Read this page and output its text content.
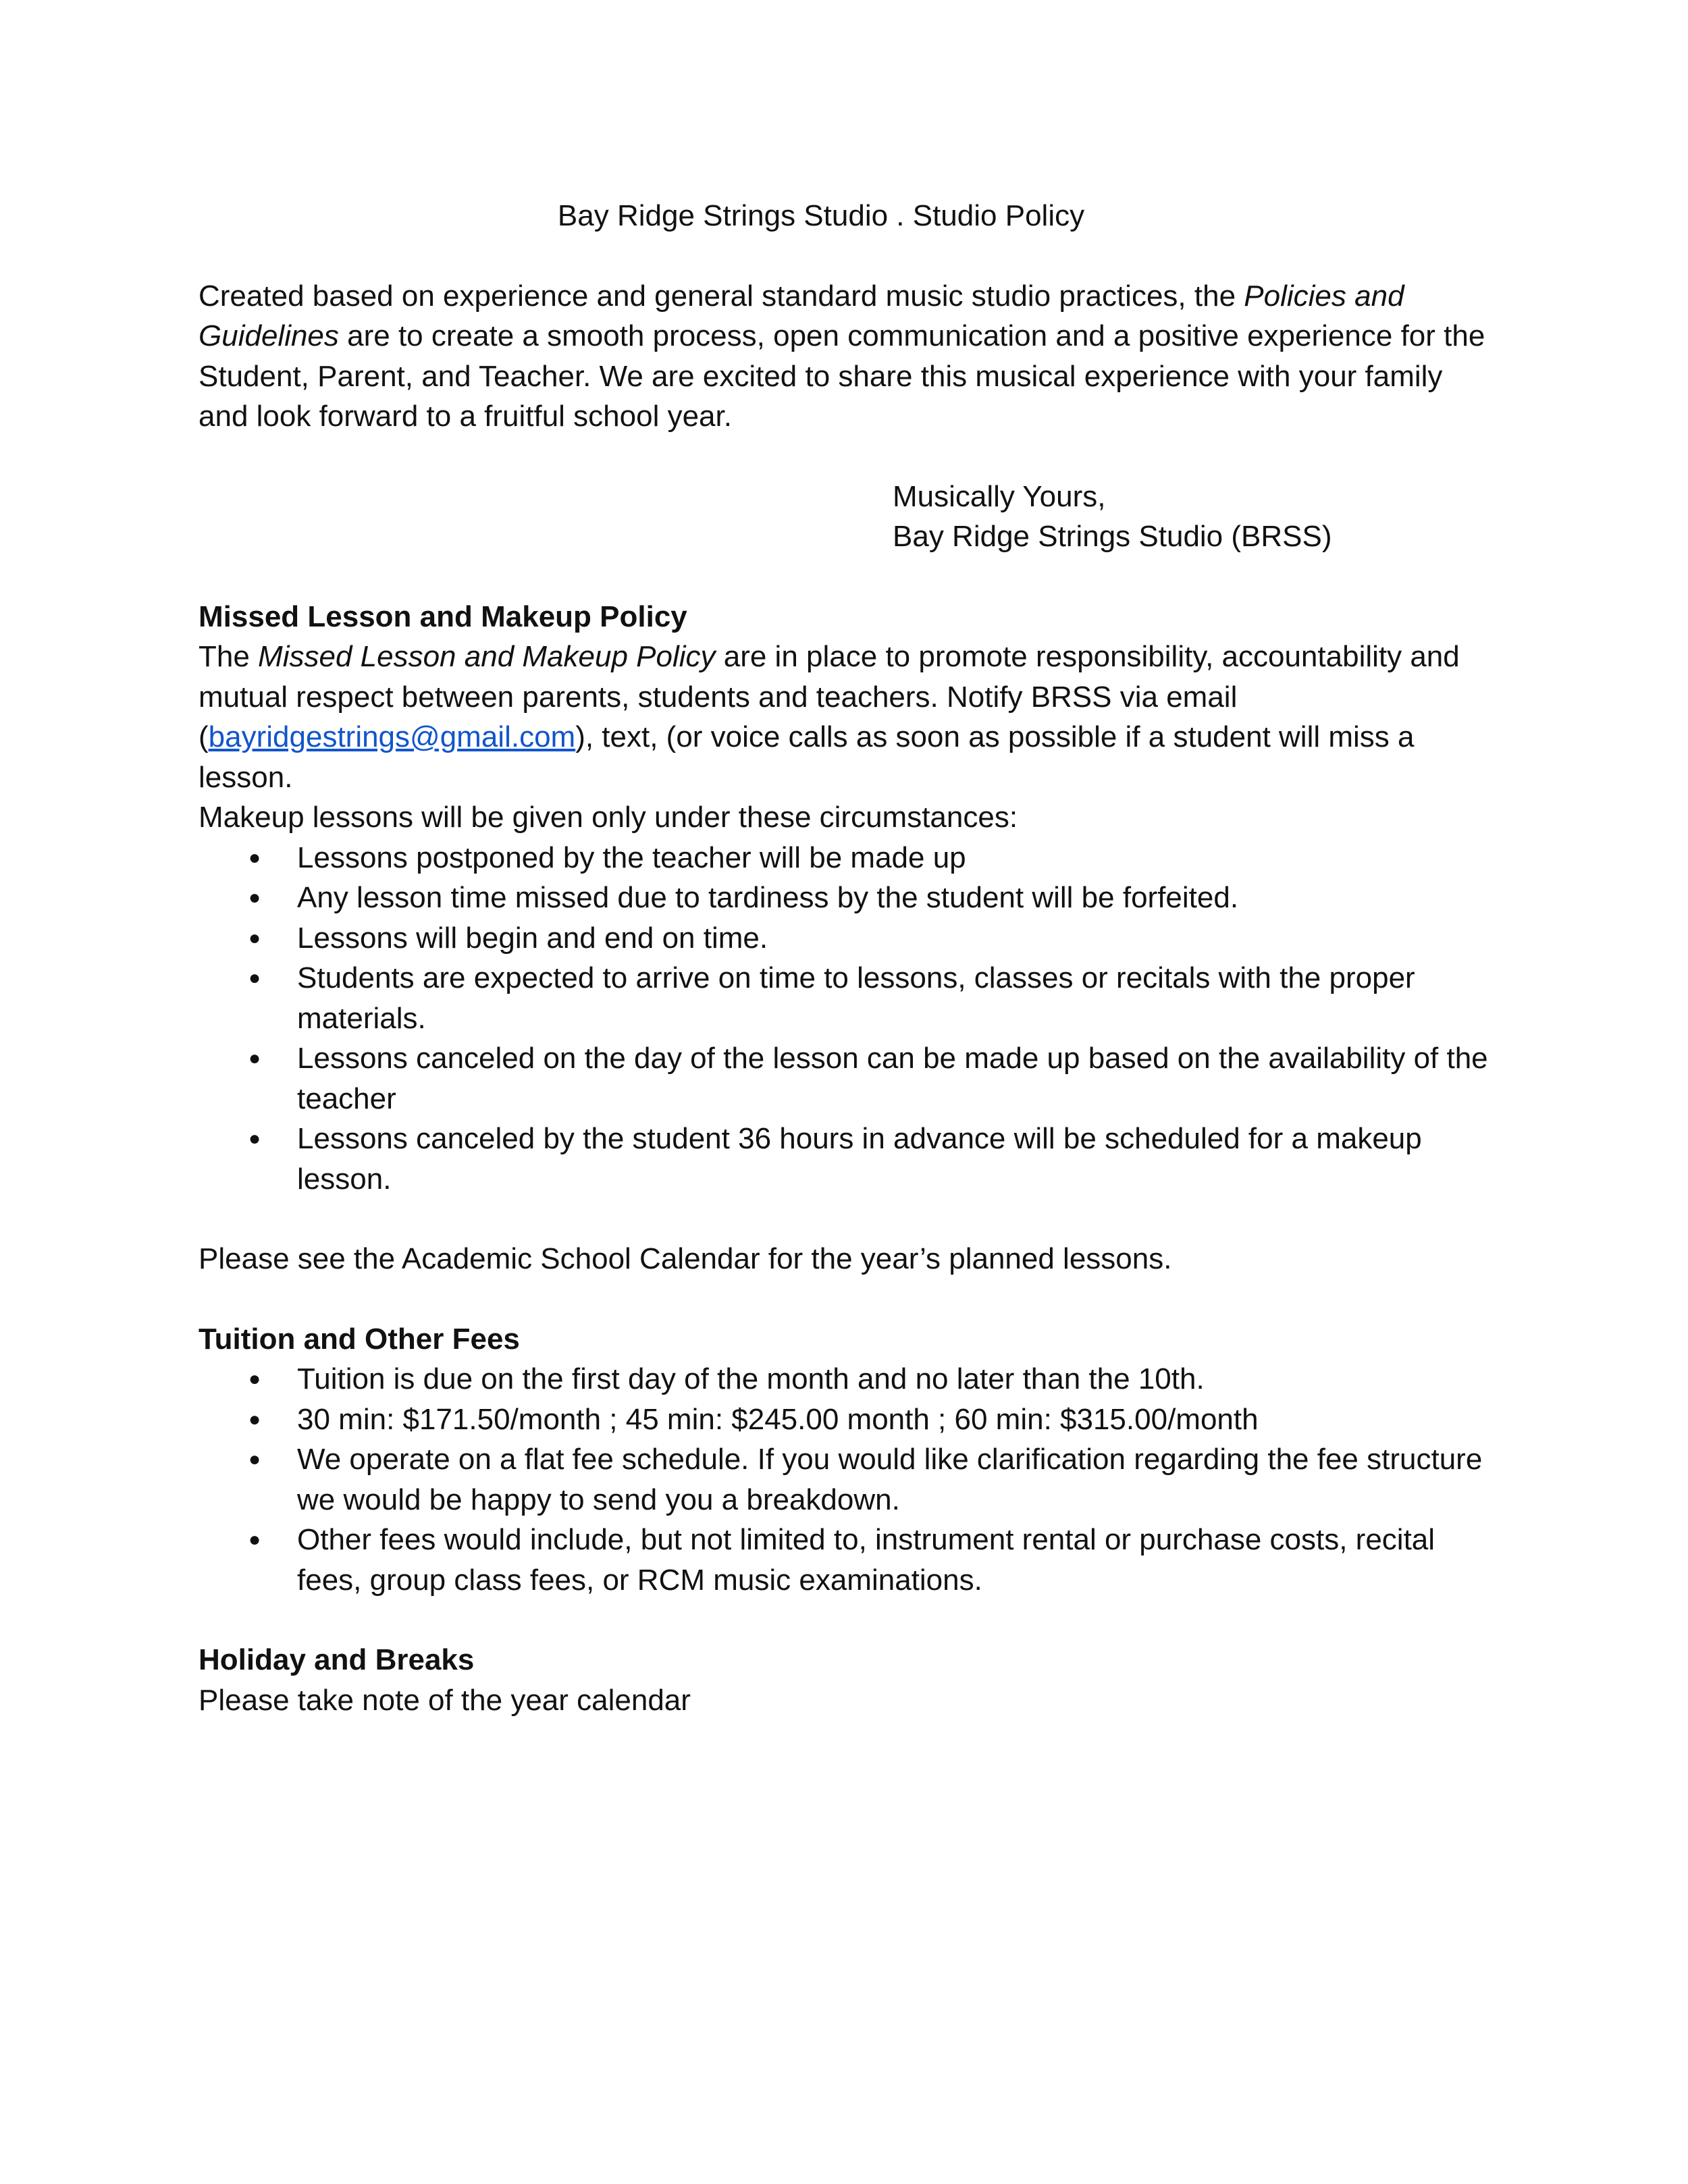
Bay Ridge Strings Studio . Studio Policy

Created based on experience and general standard music studio practices, the Policies and Guidelines are to create a smooth process, open communication and a positive experience for the Student, Parent, and Teacher. We are excited to share this musical experience with your family and look forward to a fruitful school year.

Musically Yours,

Bay Ridge Strings Studio (BRSS)

Missed Lesson and Makeup Policy

The Missed Lesson and Makeup Policy are in place to promote responsibility, accountability and mutual respect between parents, students and teachers. Notify BRSS via email (bayridgestrings@gmail.com), text, (or voice calls as soon as possible if a student will miss a lesson.

Makeup lessons will be given only under these circumstances:

● Lessons postponed by the teacher will be made up
● Any lesson time missed due to tardiness by the student will be forfeited.
● Lessons will begin and end on time.
● Students are expected to arrive on time to lessons, classes or recitals with the proper materials.
● Lessons canceled on the day of the lesson can be made up based on the availability of the teacher
● Lessons canceled by the student 36 hours in advance will be scheduled for a makeup lesson.

Please see the Academic School Calendar for the year’s planned lessons.

Tuition and Other Fees
● Tuition is due on the first day of the month and no later than the 10th.
● 30 min: $171.50/month ; 45 min: $245.00 month ; 60 min: $315.00/month
● We operate on a flat fee schedule. If you would like clarification regarding the fee structure we would be happy to send you a breakdown.
● Other fees would include, but not limited to, instrument rental or purchase costs, recital fees, group class fees, or RCM music examinations.
Holiday and Breaks

Please take note of the year calendar
